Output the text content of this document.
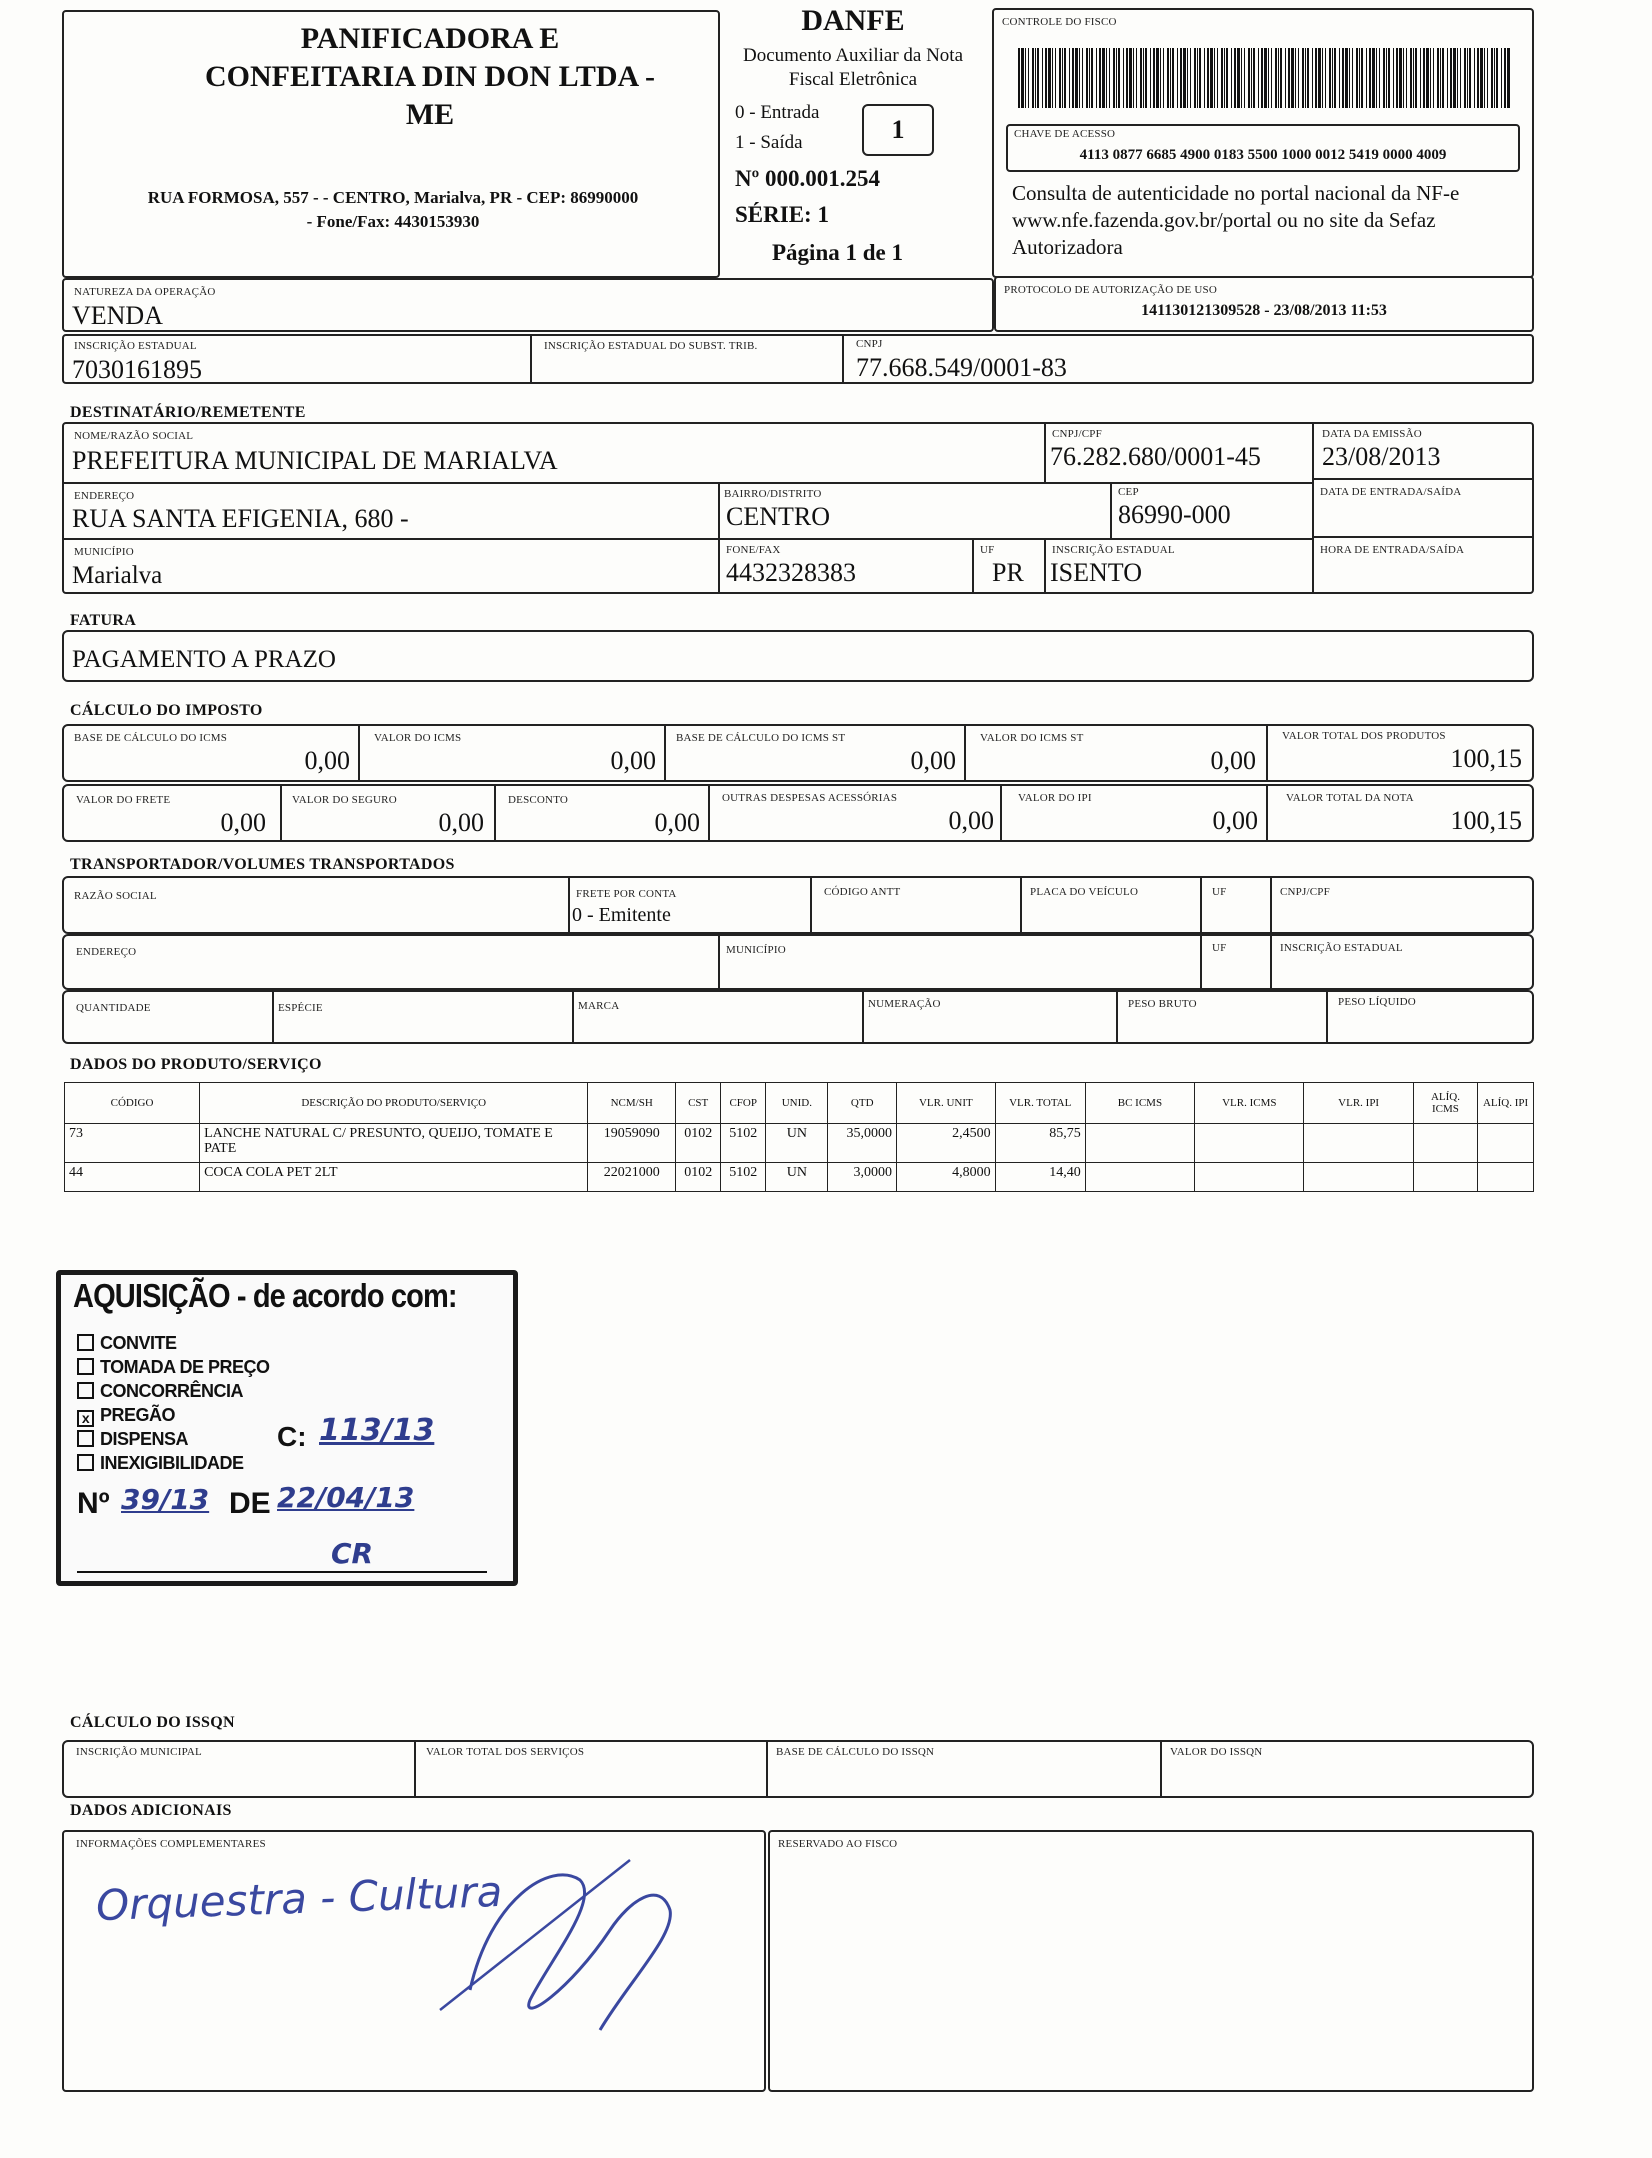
PANIFICADORA E
CONFEITARIA DIN DON LTDA -
ME
RUA FORMOSA, 557 - - CENTRO, Marialva, PR - CEP: 86990000
- Fone/Fax: 4430153930
DANFE
Documento Auxiliar da Nota
Fiscal Eletrônica
0 - Entrada
1 - Saída	1
Nº 000.001.254
SÉRIE: 1
Página 1 de 1
CONTROLE DO FISCO
CHAVE DE ACESSO
4113 0877 6685 4900 0183 5500 1000 0012 5419 0000 4009
Consulta de autenticidade no portal nacional da NF-e www.nfe.fazenda.gov.br/portal ou no site da Sefaz Autorizadora
NATUREZA DA OPERAÇÃO
VENDA
PROTOCOLO DE AUTORIZAÇÃO DE USO
141130121309528 - 23/08/2013 11:53
INSCRIÇÃO ESTADUAL
7030161895
INSCRIÇÃO ESTADUAL DO SUBST. TRIB.	CNPJ
77.668.549/0001-83
DESTINATÁRIO/REMETENTE
NOME/RAZÃO SOCIAL
PREFEITURA MUNICIPAL DE MARIALVA
CNPJ/CPF
76.282.680/0001-45
DATA DA EMISSÃO
23/08/2013
ENDEREÇO
RUA SANTA EFIGENIA, 680 -
BAIRRO/DISTRITO
CENTRO
CEP
86990-000
DATA DE ENTRADA/SAÍDA
MUNICÍPIO
Marialva
FONE/FAX
4432328383
UF
PR
INSCRIÇÃO ESTADUAL
ISENTO
HORA DE ENTRADA/SAÍDA
FATURA
PAGAMENTO A PRAZO
CÁLCULO DO IMPOSTO
BASE DE CÁLCULO DO ICMS
0,00
VALOR DO ICMS
0,00
BASE DE CÁLCULO DO ICMS ST
0,00
VALOR DO ICMS ST
0,00
VALOR TOTAL DOS PRODUTOS
100,15
VALOR DO FRETE
0,00
VALOR DO SEGURO
0,00
DESCONTO
0,00
OUTRAS DESPESAS ACESSÓRIAS
0,00
VALOR DO IPI
0,00
VALOR TOTAL DA NOTA
100,15
TRANSPORTADOR/VOLUMES TRANSPORTADOS
RAZÃO SOCIAL	FRETE POR CONTA
0 - Emitente
CÓDIGO ANTT	PLACA DO VEÍCULO	UF	CNPJ/CPF
ENDEREÇO	MUNICÍPIO	UF	INSCRIÇÃO ESTADUAL
QUANTIDADE	ESPÉCIE	MARCA	NUMERAÇÃO	PESO BRUTO	PESO LÍQUIDO
DADOS DO PRODUTO/SERVIÇO
CÓDIGO	DESCRIÇÃO DO PRODUTO/SERVIÇO	NCM/SH	CST	CFOP	UNID.	QTD	VLR. UNIT	VLR. TOTAL	BC ICMS	VLR. ICMS	VLR. IPI	ALÍQ. ICMS	ALÍQ. IPI
73	LANCHE NATURAL C/ PRESUNTO, QUEIJO, TOMATE E PATE	19059090	0102	5102	UN	35,0000	2,4500	85,75					
44	COCA COLA PET 2LT	22021000	0102	5102	UN	3,0000	4,8000	14,40					
AQUISIÇÃO - de acordo com:
CONVITE
TOMADA DE PREÇO
CONCORRÊNCIA
x PREGÃO
DISPENSA
INEXIGIBILIDADE
C: 113/13
Nº 39/13 DE 22/04/13
CR
CÁLCULO DO ISSQN
INSCRIÇÃO MUNICIPAL	VALOR TOTAL DOS SERVIÇOS	BASE DE CÁLCULO DO ISSQN	VALOR DO ISSQN
DADOS ADICIONAIS
INFORMAÇÕES COMPLEMENTARES
Orquestra - Cultura
RESERVADO AO FISCO
